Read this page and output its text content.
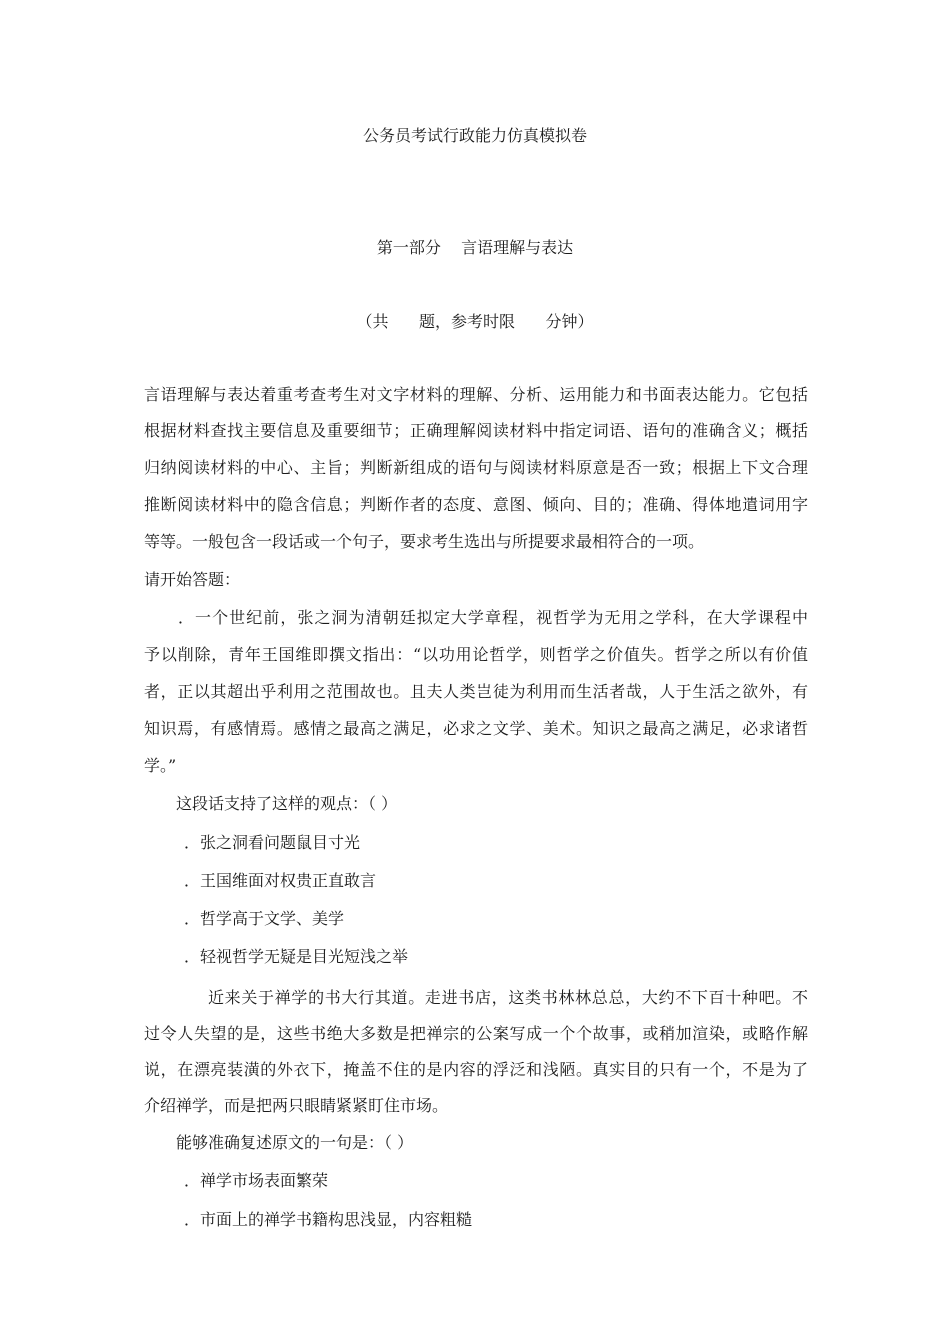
公务员考试行政能力仿真模拟卷
第一部分    言语理解与表达
（共      题，参考时限      分钟）
言语理解与表达着重考查考生对文字材料的理解、分析、运用能力和书面表达能力。它包括
根据材料查找主要信息及重要细节；正确理解阅读材料中指定词语、语句的准确含义；概括
归纳阅读材料的中心、主旨；判断新组成的语句与阅读材料原意是否一致；根据上下文合理
推断阅读材料中的隐含信息；判断作者的态度、意图、倾向、目的；准确、得体地遣词用字
等等。一般包含一段话或一个句子，要求考生选出与所提要求最相符合的一项。
请开始答题：
．一个世纪前，张之洞为清朝廷拟定大学章程，视哲学为无用之学科，在大学课程中
予以削除，青年王国维即撰文指出：“以功用论哲学，则哲学之价值失。哲学之所以有价值
者，正以其超出乎利用之范围故也。且夫人类岂徒为利用而生活者哉，人于生活之欲外，有
知识焉，有感情焉。感情之最高之满足，必求之文学、美术。知识之最高之满足，必求诸哲
学。”
这段话支持了这样的观点：（ ）
．张之洞看问题鼠目寸光
．王国维面对权贵正直敢言
．哲学高于文学、美学
．轻视哲学无疑是目光短浅之举
近来关于禅学的书大行其道。走进书店，这类书林林总总，大约不下百十种吧。不
过令人失望的是，这些书绝大多数是把禅宗的公案写成一个个故事，或稍加渲染，或略作解
说，在漂亮装潢的外衣下，掩盖不住的是内容的浮泛和浅陋。真实目的只有一个，不是为了
介绍禅学，而是把两只眼睛紧紧盯住市场。
能够准确复述原文的一句是：（ ）
．禅学市场表面繁荣
．市面上的禅学书籍构思浅显，内容粗糙
